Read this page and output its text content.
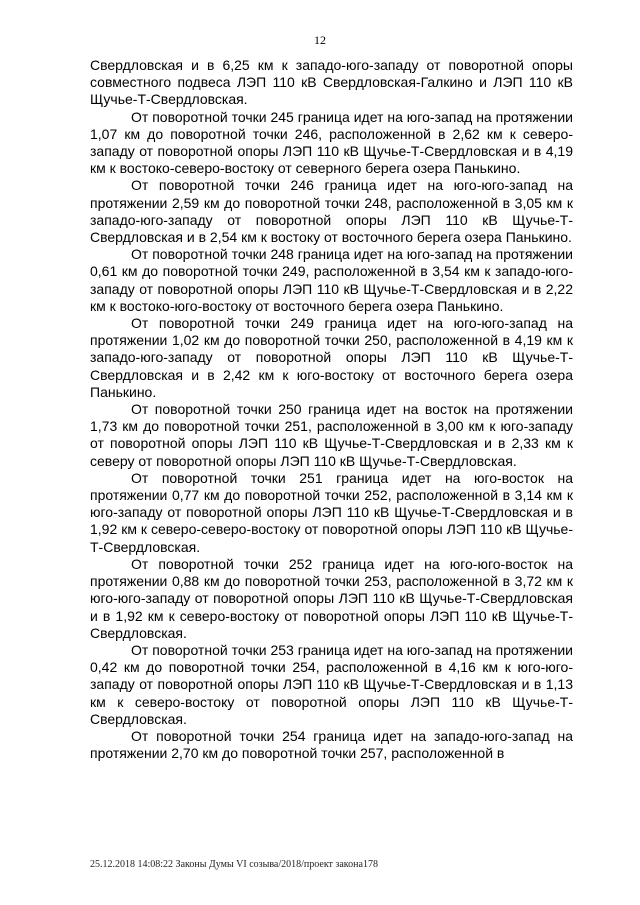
12

Свердловская и в 6,25 км к западо-юго-западу от поворотной опоры совместного подвеса ЛЭП 110 кВ Свердловская-Галкино и ЛЭП 110 кВ Щучье-Т-Свердловская.

От поворотной точки 245 граница идет на юго-запад на протяжении 1,07 км до поворотной точки 246, расположенной в 2,62 км к северо-западу от поворотной опоры ЛЭП 110 кВ Щучье-Т-Свердловская и в 4,19 км к востоко-северо-востоку от северного берега озера Панькино.

От поворотной точки 246 граница идет на юго-юго-запад на протяжении 2,59 км до поворотной точки 248, расположенной в 3,05 км к западо-юго-западу от поворотной опоры ЛЭП 110 кВ Щучье-Т-Свердловская и в 2,54 км к востоку от восточного берега озера Панькино.

От поворотной точки 248 граница идет на юго-запад на протяжении 0,61 км до поворотной точки 249, расположенной в 3,54 км к западо-юго-западу от поворотной опоры ЛЭП 110 кВ Щучье-Т-Свердловская и в 2,22 км к востоко-юго-востоку от восточного берега озера Панькино.

От поворотной точки 249 граница идет на юго-юго-запад на протяжении 1,02 км до поворотной точки 250, расположенной в 4,19 км к западо-юго-западу от поворотной опоры ЛЭП 110 кВ Щучье-Т-Свердловская и в 2,42 км к юго-востоку от восточного берега озера Панькино.

От поворотной точки 250 граница идет на восток на протяжении 1,73 км до поворотной точки 251, расположенной в 3,00 км к юго-западу от поворотной опоры ЛЭП 110 кВ Щучье-Т-Свердловская и в 2,33 км к северу от поворотной опоры ЛЭП 110 кВ Щучье-Т-Свердловская.

От поворотной точки 251 граница идет на юго-восток на протяжении 0,77 км до поворотной точки 252, расположенной в 3,14 км к юго-западу от поворотной опоры ЛЭП 110 кВ Щучье-Т-Свердловская и в 1,92 км к северо-северо-востоку от поворотной опоры ЛЭП 110 кВ Щучье-Т-Свердловская.

От поворотной точки 252 граница идет на юго-юго-восток на протяжении 0,88 км до поворотной точки 253, расположенной в 3,72 км к юго-юго-западу от поворотной опоры ЛЭП 110 кВ Щучье-Т-Свердловская и в 1,92 км к северо-востоку от поворотной опоры ЛЭП 110 кВ Щучье-Т-Свердловская.

От поворотной точки 253 граница идет на юго-запад на протяжении 0,42 км до поворотной точки 254, расположенной в 4,16 км к юго-юго-западу от поворотной опоры ЛЭП 110 кВ Щучье-Т-Свердловская и в 1,13 км к северо-востоку от поворотной опоры ЛЭП 110 кВ Щучье-Т-Свердловская.

От поворотной точки 254 граница идет на западо-юго-запад на протяжении 2,70 км до поворотной точки 257, расположенной в

25.12.2018 14:08:22 Законы Думы VI созыва/2018/проект закона178
